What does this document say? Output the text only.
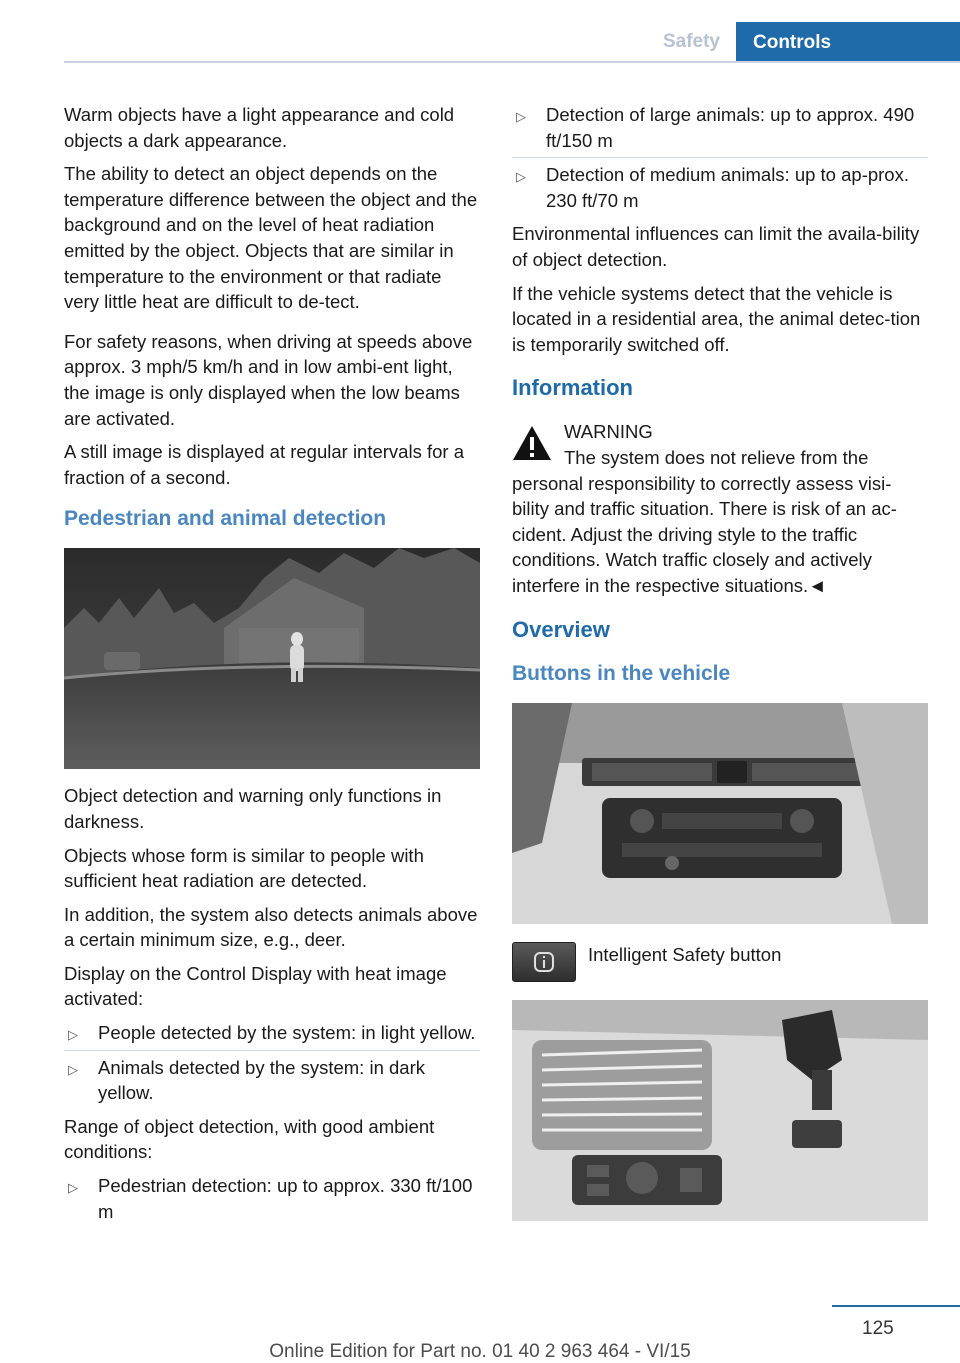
Safety	Controls

Warm objects have a light appearance and cold objects a dark appearance.

The ability to detect an object depends on the temperature difference between the object and the background and on the level of heat radiation emitted by the object. Objects that are similar in temperature to the environment or that radiate very little heat are difficult to de-tect.

For safety reasons, when driving at speeds above approx. 3 mph/5 km/h and in low ambi-ent light, the image is only displayed when the low beams are activated.

A still image is displayed at regular intervals for a fraction of a second.

Pedestrian and animal detection

Object detection and warning only functions in darkness.

Objects whose form is similar to people with sufficient heat radiation are detected.

In addition, the system also detects animals above a certain minimum size, e.g., deer.

Display on the Control Display with heat image activated:

▷ People detected by the system: in light yellow.
▷ Animals detected by the system: in dark yellow.

Range of object detection, with good ambient conditions:

▷ Pedestrian detection: up to approx. 330 ft/100 m
▷ Detection of large animals: up to approx. 490 ft/150 m
▷ Detection of medium animals: up to ap-prox. 230 ft/70 m

Environmental influences can limit the availa-bility of object detection.

If the vehicle systems detect that the vehicle is located in a residential area, the animal detec-tion is temporarily switched off.

Information
WARNING
The system does not relieve from the personal responsibility to correctly assess visi-bility and traffic situation. There is risk of an ac-cident. Adjust the driving style to the traffic conditions. Watch traffic closely and actively interfere in the respective situations.◄
Overview
Buttons in the vehicle
Intelligent Safety button
125
Online Edition for Part no. 01 40 2 963 464 - VI/15
